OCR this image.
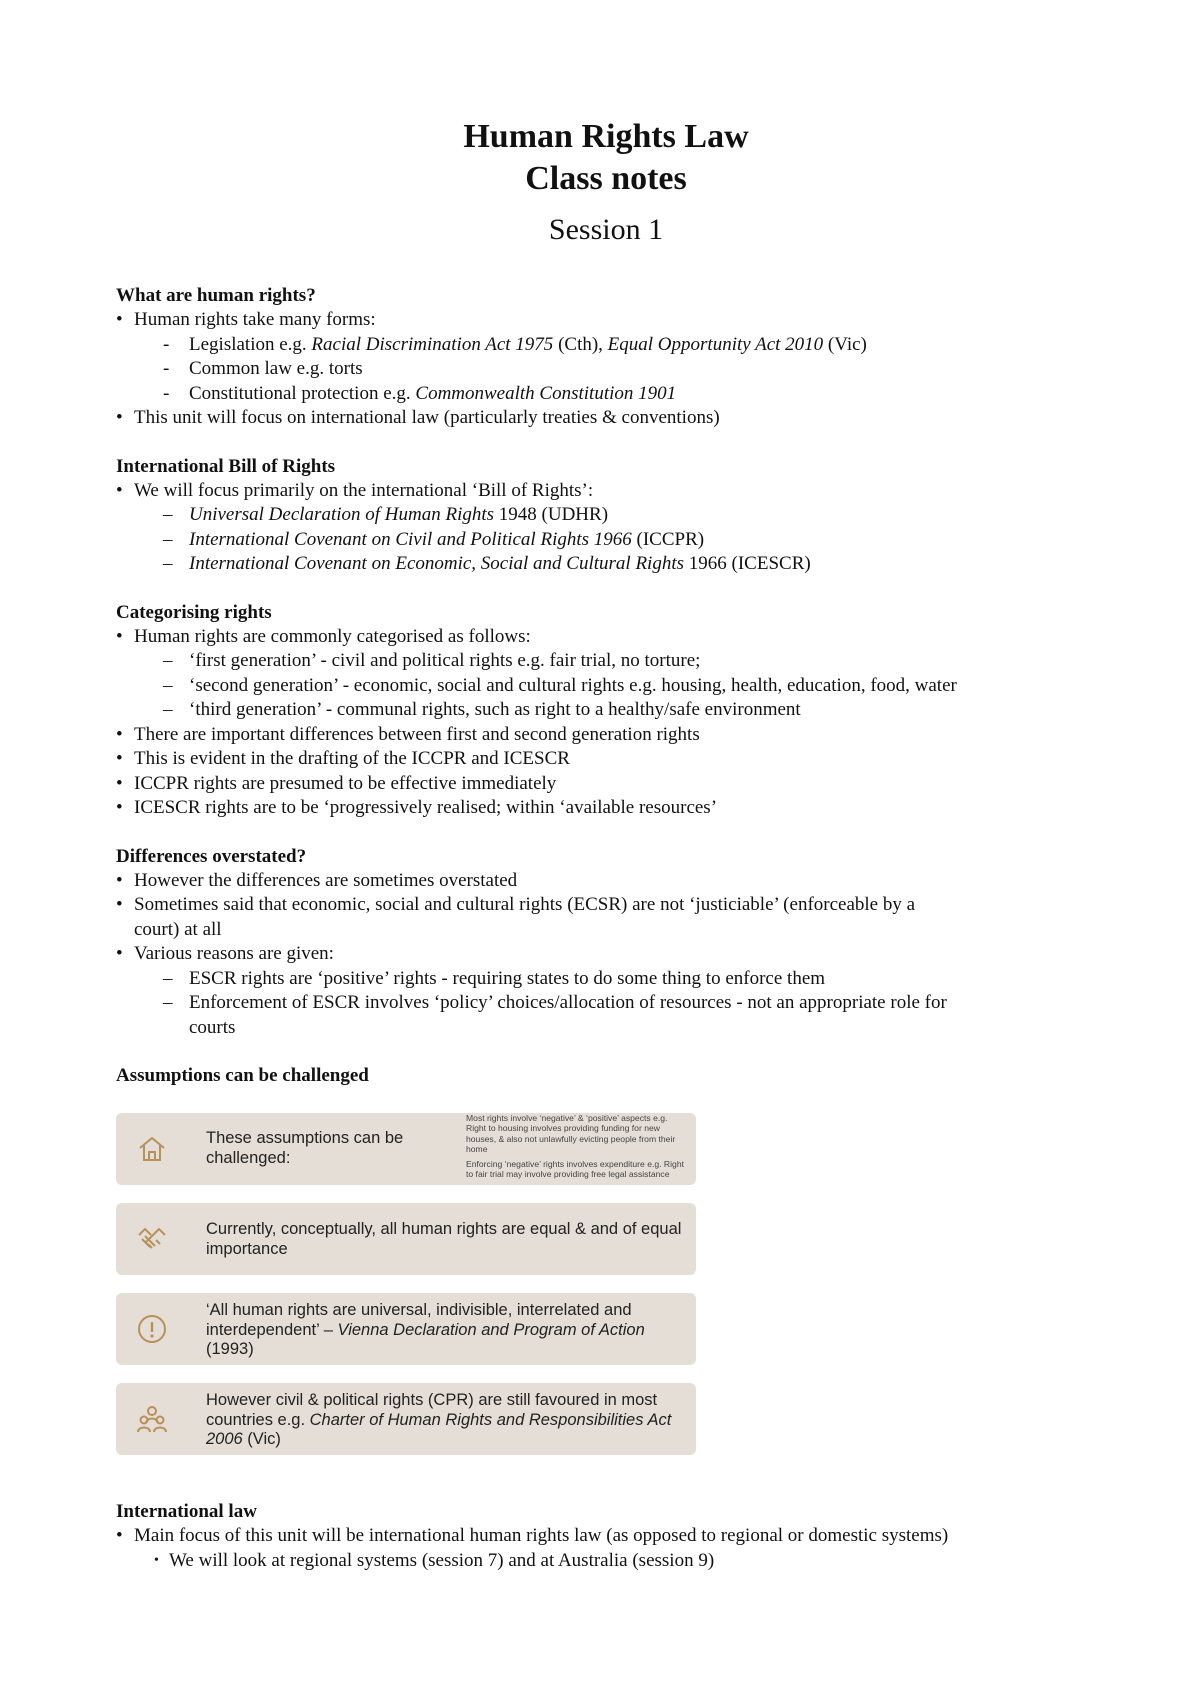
Human Rights Law

Class notes

Session 1

What are human rights?

• Human rights take many forms:

- Legislation e.g. Racial Discrimination Act 1975 (Cth), Equal Opportunity Act 2010 (Vic)

- Common law e.g. torts

- Constitutional protection e.g. Commonwealth Constitution 1901

• This unit will focus on international law (particularly treaties & conventions)

International Bill of Rights

• We will focus primarily on the international ‘Bill of Rights’:

– Universal Declaration of Human Rights 1948 (UDHR)

– International Covenant on Civil and Political Rights 1966 (ICCPR)

– International Covenant on Economic, Social and Cultural Rights 1966 (ICESCR)

Categorising rights

• Human rights are commonly categorised as follows:

– ‘first generation’ - civil and political rights e.g. fair trial, no torture;

– ‘second generation’ - economic, social and cultural rights e.g. housing, health, education, food, water

– ‘third generation’ - communal rights, such as right to a healthy/safe environment

• There are important differences between first and second generation rights

• This is evident in the drafting of the ICCPR and ICESCR

• ICCPR rights are presumed to be effective immediately

• ICESCR rights are to be ‘progressively realised; within ‘available resources’

Differences overstated?

• However the differences are sometimes overstated

• Sometimes said that economic, social and cultural rights (ECSR) are not ‘justiciable’ (enforceable by a

court) at all

• Various reasons are given:

– ESCR rights are ‘positive’ rights - requiring states to do some thing to enforce them

– Enforcement of ESCR involves ‘policy’ choices/allocation of resources - not an appropriate role for

courts

Assumptions can be challenged

These assumptions can be challenged:

Most rights involve ‘negative’ & ‘positive’ aspects e.g. Right to housing involves providing funding for new houses, & also not unlawfully evicting people from their home

Enforcing ‘negative’ rights involves expenditure e.g. Right to fair trial may involve providing free legal assistance

Currently, conceptually, all human rights are equal & and of equal importance
‘All human rights are universal, indivisible, interrelated and interdependent’ – Vienna Declaration and Program of Action (1993)
However civil & political rights (CPR) are still favoured in most countries e.g. Charter of Human Rights and Responsibilities Act 2006 (Vic)

International law

• Main focus of this unit will be international human rights law (as opposed to regional or domestic systems)

• We will look at regional systems (session 7) and at Australia (session 9)
